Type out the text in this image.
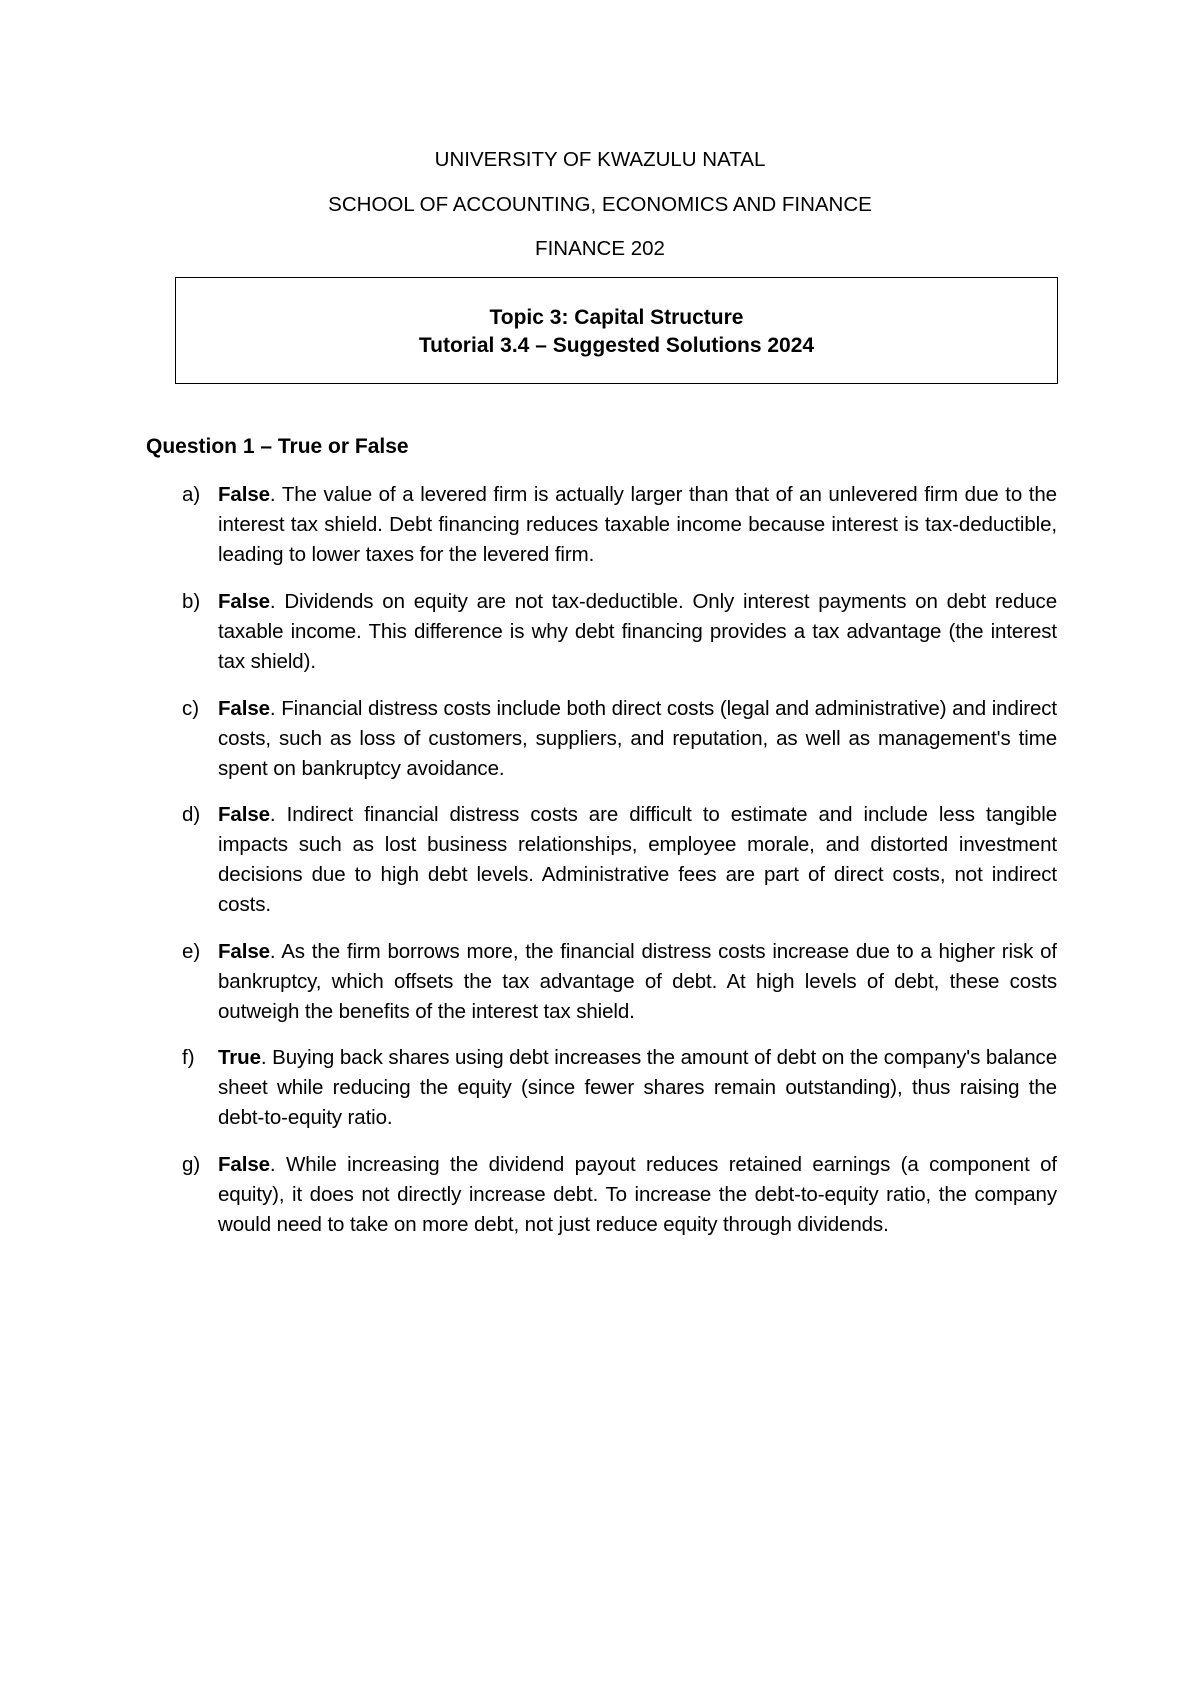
UNIVERSITY OF KWAZULU NATAL
SCHOOL OF ACCOUNTING, ECONOMICS AND FINANCE
FINANCE 202
Topic 3: Capital Structure
Tutorial 3.4 – Suggested Solutions 2024
Question 1 – True or False
a) False. The value of a levered firm is actually larger than that of an unlevered firm due to the interest tax shield. Debt financing reduces taxable income because interest is tax-deductible, leading to lower taxes for the levered firm.
b) False. Dividends on equity are not tax-deductible. Only interest payments on debt reduce taxable income. This difference is why debt financing provides a tax advantage (the interest tax shield).
c) False. Financial distress costs include both direct costs (legal and administrative) and indirect costs, such as loss of customers, suppliers, and reputation, as well as management's time spent on bankruptcy avoidance.
d) False. Indirect financial distress costs are difficult to estimate and include less tangible impacts such as lost business relationships, employee morale, and distorted investment decisions due to high debt levels. Administrative fees are part of direct costs, not indirect costs.
e) False. As the firm borrows more, the financial distress costs increase due to a higher risk of bankruptcy, which offsets the tax advantage of debt. At high levels of debt, these costs outweigh the benefits of the interest tax shield.
f) True. Buying back shares using debt increases the amount of debt on the company's balance sheet while reducing the equity (since fewer shares remain outstanding), thus raising the debt-to-equity ratio.
g) False. While increasing the dividend payout reduces retained earnings (a component of equity), it does not directly increase debt. To increase the debt-to-equity ratio, the company would need to take on more debt, not just reduce equity through dividends.
